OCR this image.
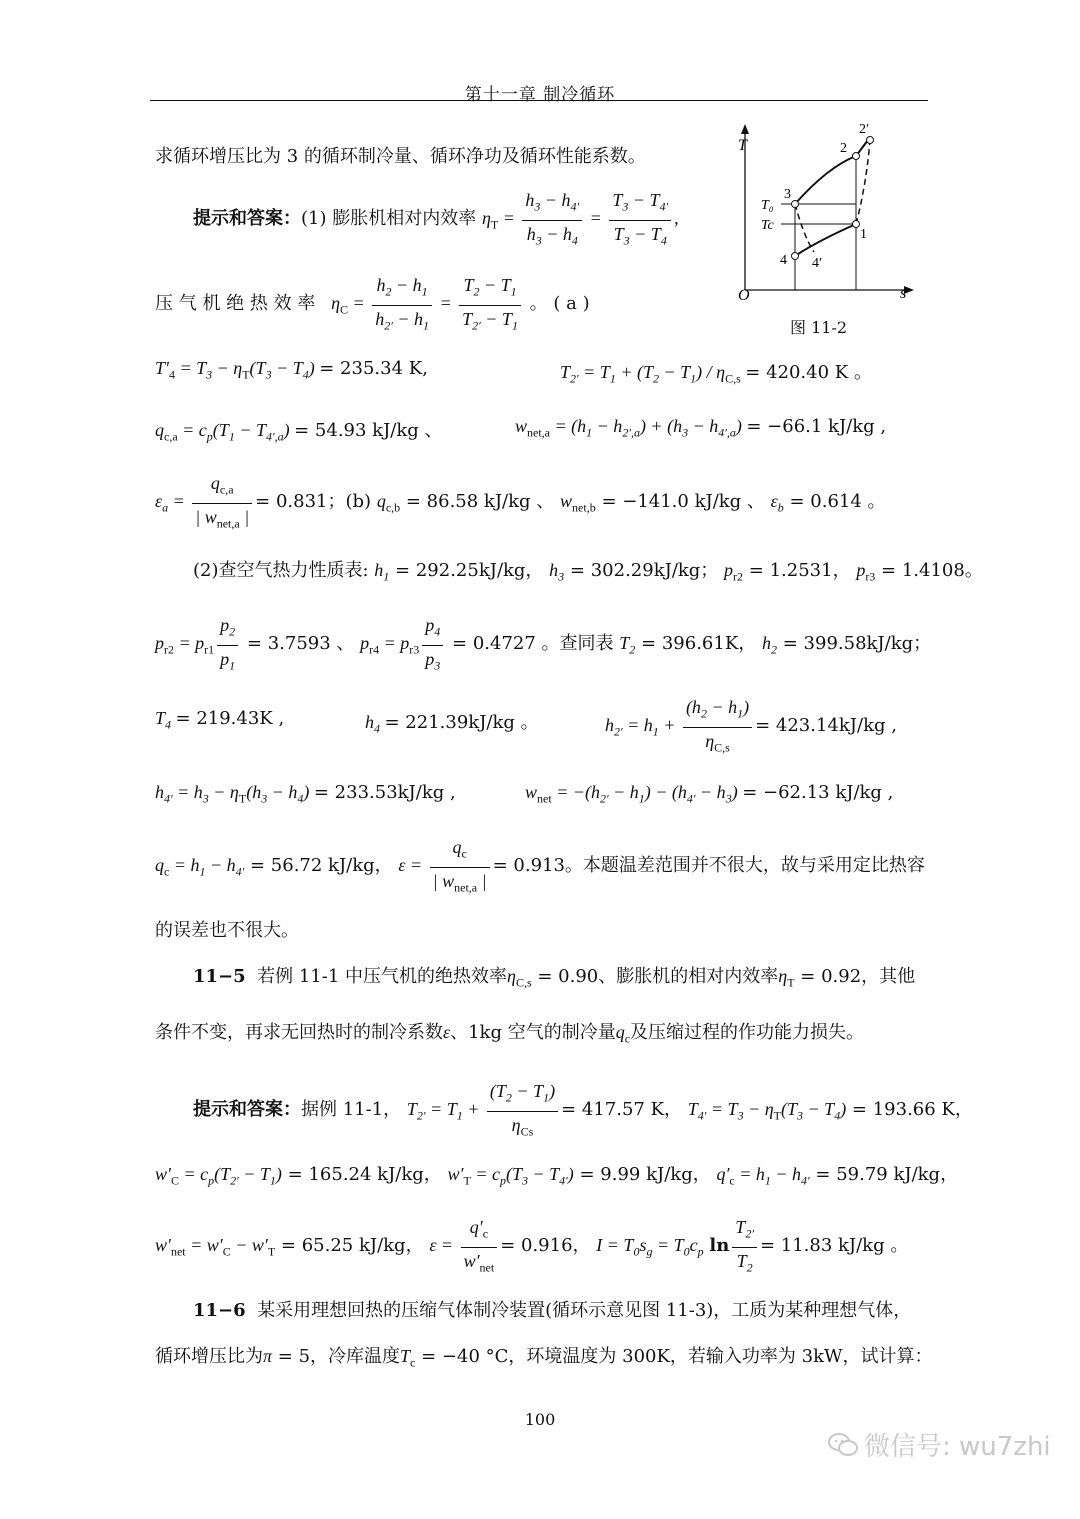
第十一章 制冷循环
T
s
O
T₀
Tc
1
2
2′
3
4 4′
图 11-2
求循环增压比为 3 的循环制冷量、循环净功及循环性能系数。
提示和答案：(1) 膨胀机相对内效率 $\eta_T = \frac{h_3 - h_{4'}}{h_3 - h_4} = \frac{T_3 - T_{4'}}{T_3 - T_4}$ ,
压 气 机 绝 热 效 率 $\eta_C = \frac{h_2 - h_1}{h_{2'} - h_1} = \frac{T_2 - T_1}{T_{2'} - T_1}$ 。 ( a )
$T'_4 = T_3 - \eta_T(T_3 - T_4) = 235.34$ K,	$T_{2'} = T_1 + (T_2 - T_1) / \eta_{C,s} = 420.40$ K 。
$q_{c,a} = c_p(T_1 - T_{4',a}) = 54.93$ kJ/kg 、	$w_{net,a} = (h_1 - h_{2',a}) + (h_3 - h_{4',a}) = -66.1$ kJ/kg ,
$\varepsilon_a = \frac{q_{c,a}}{| w_{net,a} |} = 0.831$；(b) $q_{c,b} = 86.58$ kJ/kg 、 $w_{net,b} = -141.0$ kJ/kg 、 $\varepsilon_b = 0.614$ 。
(2)查空气热力性质表: $h_1 = 292.25kJ/kg$， $h_3 = 302.29kJ/kg$； $p_{r2} = 1.2531$， $p_{r3} = 1.4108$。
$p_{r2} = p_{r1} \frac{p_2}{p_1} = 3.7593$ 、 $p_{r4} = p_{r3} \frac{p_4}{p_3} = 0.4727$ 。查同表 $T_2 = 396.61K$， $h_2 = 399.58kJ/kg$；
$T_4 = 219.43K$ ,	$h_4 = 221.39kJ/kg$ 。	$h_{2'} = h_1 + \frac{(h_2 - h_1)}{\eta_{C,s}} = 423.14kJ/kg$ ,
$h_{4'} = h_3 - \eta_T(h_3 - h_4) = 233.53kJ/kg$ ,	$w_{net} = -(h_{2'} - h_1) - (h_{4'} - h_3) = -62.13$ kJ/kg ,
$q_c = h_1 - h_{4'} = 56.72$ kJ/kg， $\varepsilon = \frac{q_c}{| w_{net,a} |} = 0.913$。本题温差范围并不很大，故与采用定比热容
的误差也不很大。
11−5 若例 11-1 中压气机的绝热效率$\eta_{C,s} = 0.90$、膨胀机的相对内效率$\eta_T = 0.92$，其他
条件不变，再求无回热时的制冷系数ε、1kg 空气的制冷量$q_c$及压缩过程的作功能力损失。
提示和答案：据例 11-1， $T_{2'} = T_1 + \frac{(T_2 - T_1)}{\eta_{Cs}} = 417.57$ K， $T_{4'} = T_3 - \eta_T(T_3 - T_4) = 193.66$ K，
$w'_C = c_p(T_{2'} - T_1) = 165.24$ kJ/kg， $w'_T = c_p(T_3 - T_{4'}) = 9.99$ kJ/kg， $q'_c = h_1 - h_{4'} = 59.79$ kJ/kg，
$w'_{net} = w'_C - w'_T = 65.25$ kJ/kg， $\varepsilon = \frac{q'_c}{w'_{net}} = 0.916$， $I = T_0s_g = T_0c_p$ $\ln \frac{T_{2'}}{T_2} = 11.83$ kJ/kg 。
11−6 某采用理想回热的压缩气体制冷装置(循环示意见图 11-3)，工质为某种理想气体，
循环增压比为π = 5，冷库温度$T_c = -40$ °C，环境温度为 300K，若输入功率为 3kW，试计算：
100
微信号: wu7zhi
